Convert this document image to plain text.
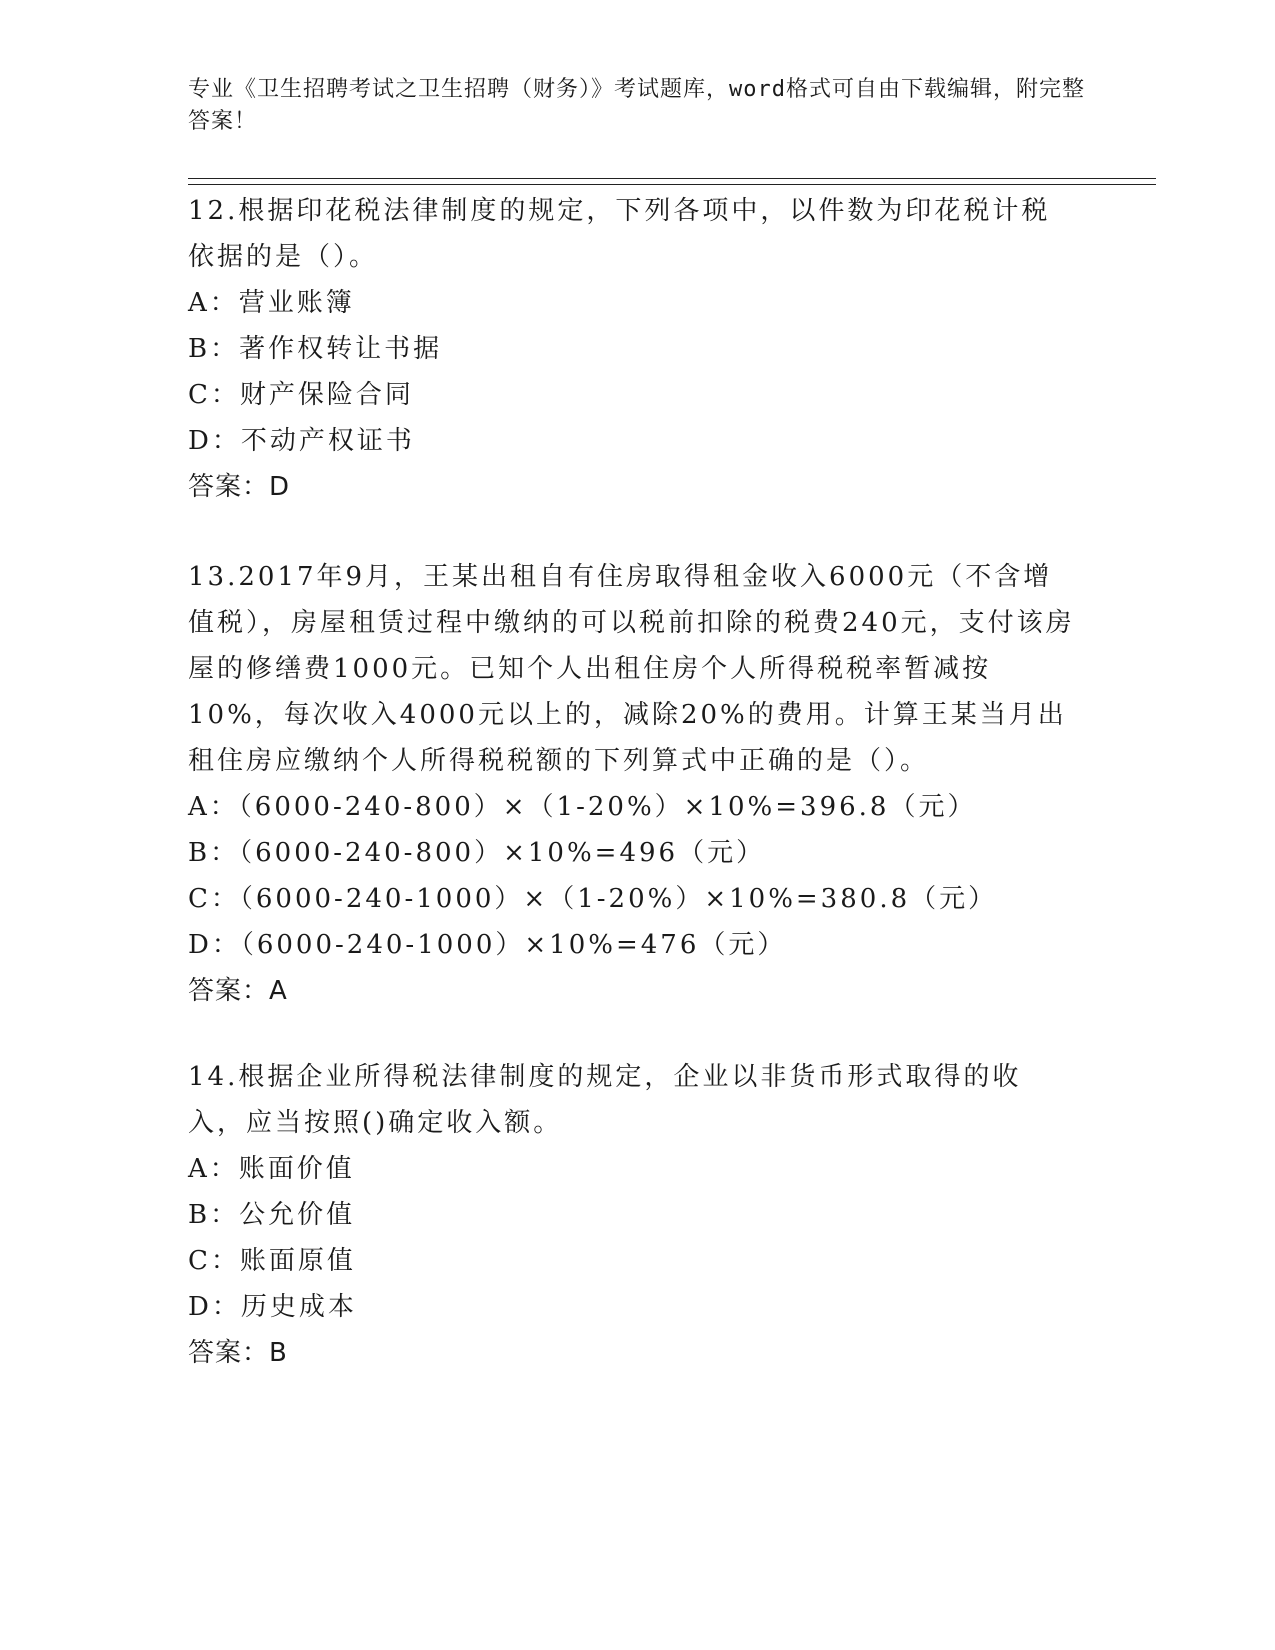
专业《卫生招聘考试之卫生招聘（财务）》考试题库，word格式可自由下载编辑，附完整答案！

12.根据印花税法律制度的规定，下列各项中，以件数为印花税计税依据的是（）。

A：营业账簿

B：著作权转让书据

C：财产保险合同

D：不动产权证书

答案：D

13.2017年9月，王某出租自有住房取得租金收入6000元（不含增值税），房屋租赁过程中缴纳的可以税前扣除的税费240元，支付该房屋的修缮费1000元。已知个人出租住房个人所得税税率暂减按10%，每次收入4000元以上的，减除20%的费用。计算王某当月出租住房应缴纳个人所得税税额的下列算式中正确的是（）。

A：（6000-240-800）×（1-20%）×10%=396.8（元）

B：（6000-240-800）×10%=496（元）

C：（6000-240-1000）×（1-20%）×10%=380.8（元）

D：（6000-240-1000）×10%=476（元）

答案：A

14.根据企业所得税法律制度的规定，企业以非货币形式取得的收入，应当按照()确定收入额。

A：账面价值

B：公允价值

C：账面原值

D：历史成本

答案：B
